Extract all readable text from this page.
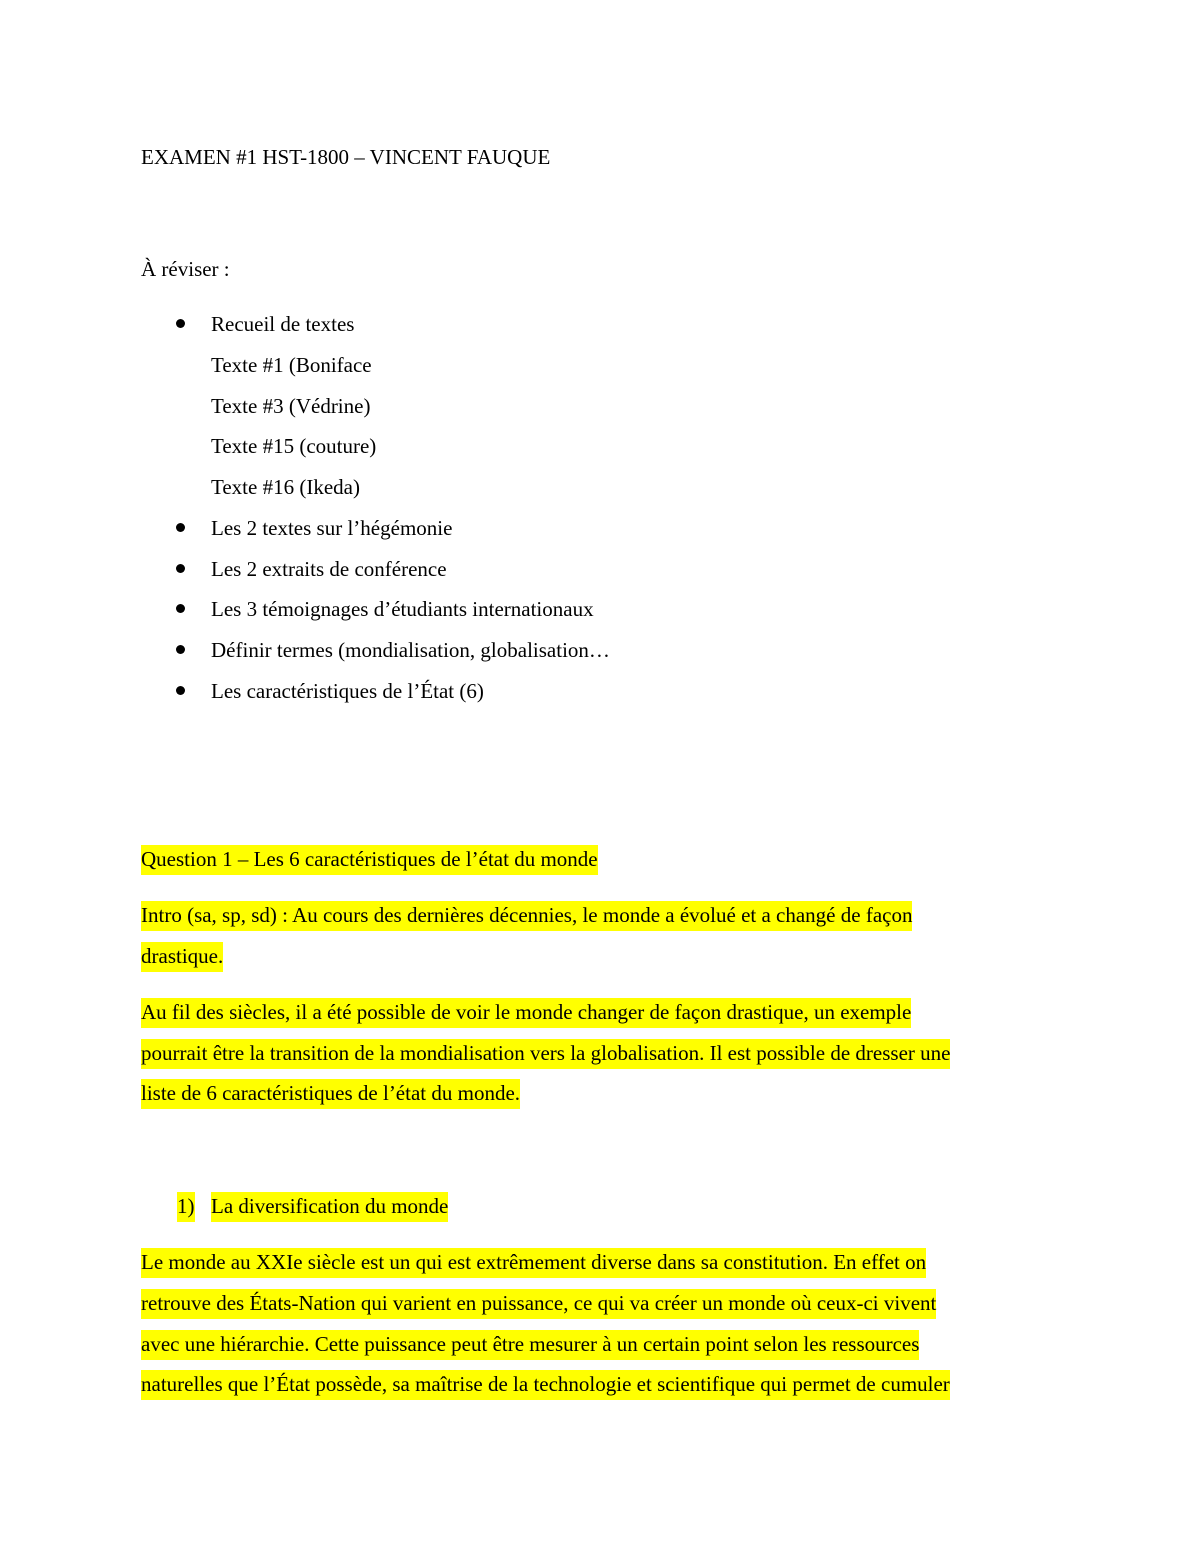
EXAMEN #1 HST-1800 – VINCENT FAUQUE
À réviser :
Recueil de textes
Texte #1 (Boniface
Texte #3 (Védrine)
Texte #15 (couture)
Texte #16 (Ikeda)
Les 2 textes sur l’hégémonie
Les 2 extraits de conférence
Les 3 témoignages d’étudiants internationaux
Définir termes (mondialisation, globalisation…
Les caractéristiques de l’État (6)
Question 1 – Les 6 caractéristiques de l’état du monde
Intro (sa, sp, sd) : Au cours des dernières décennies, le monde a évolué et a changé de façon
drastique.
Au fil des siècles, il a été possible de voir le monde changer de façon drastique, un exemple
pourrait être la transition de la mondialisation vers la globalisation. Il est possible de dresser une
liste de 6 caractéristiques de l’état du monde.
1) La diversification du monde
Le monde au XXIe siècle est un qui est extrêmement diverse dans sa constitution. En effet on
retrouve des États-Nation qui varient en puissance, ce qui va créer un monde où ceux-ci vivent
avec une hiérarchie. Cette puissance peut être mesurer à un certain point selon les ressources
naturelles que l’État possède, sa maîtrise de la technologie et scientifique qui permet de cumuler
